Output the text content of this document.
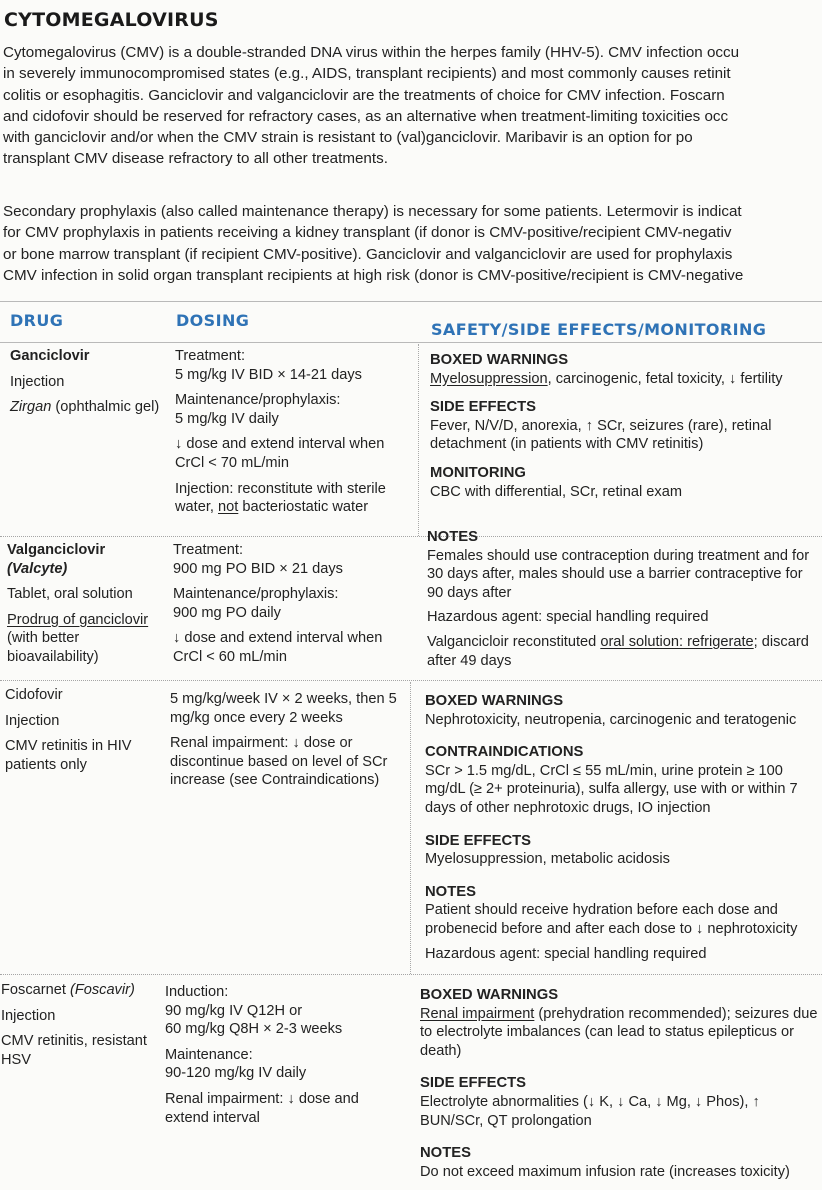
CYTOMEGALOVIRUS
Cytomegalovirus (CMV) is a double-stranded DNA virus within the herpes family (HHV-5). CMV infection occu
in severely immunocompromised states (e.g., AIDS, transplant recipients) and most commonly causes retinit
colitis or esophagitis. Ganciclovir and valganciclovir are the treatments of choice for CMV infection. Foscarn
and cidofovir should be reserved for refractory cases, as an alternative when treatment-limiting toxicities occ
with ganciclovir and/or when the CMV strain is resistant to (val)ganciclovir. Maribavir is an option for po
transplant CMV disease refractory to all other treatments.
Secondary prophylaxis (also called maintenance therapy) is necessary for some patients. Letermovir is indicat
for CMV prophylaxis in patients receiving a kidney transplant (if donor is CMV-positive/recipient CMV-negativ
or bone marrow transplant (if recipient CMV-positive). Ganciclovir and valganciclovir are used for prophylaxis
CMV infection in solid organ transplant recipients at high risk (donor is CMV-positive/recipient is CMV-negative
DRUG	DOSING	SAFETY/SIDE EFFECTS/MONITORING
Ganciclovir
Injection
Zirgan (ophthalmic gel)
Treatment:
5 mg/kg IV BID × 14-21 days
Maintenance/prophylaxis:
5 mg/kg IV daily
↓ dose and extend interval when CrCl < 70 mL/min
Injection: reconstitute with sterile water, not bacteriostatic water
BOXED WARNINGS
Myelosuppression, carcinogenic, fetal toxicity, ↓ fertility
SIDE EFFECTS
Fever, N/V/D, anorexia, ↑ SCr, seizures (rare), retinal detachment (in patients with CMV retinitis)
MONITORING
CBC with differential, SCr, retinal exam
Valganciclovir
(Valcyte)
Tablet, oral solution
Prodrug of ganciclovir (with better bioavailability)
Treatment:
900 mg PO BID × 21 days
Maintenance/prophylaxis:
900 mg PO daily
↓ dose and extend interval when CrCl < 60 mL/min
NOTES
Females should use contraception during treatment and for 30 days after, males should use a barrier contraceptive for 90 days after
Hazardous agent: special handling required
Valgancicloir reconstituted oral solution: refrigerate; discard after 49 days
Cidofovir
Injection
CMV retinitis in HIV patients only
5 mg/kg/week IV × 2 weeks, then 5 mg/kg once every 2 weeks
Renal impairment: ↓ dose or discontinue based on level of SCr increase (see Contraindications)
BOXED WARNINGS
Nephrotoxicity, neutropenia, carcinogenic and teratogenic
CONTRAINDICATIONS
SCr > 1.5 mg/dL, CrCl ≤ 55 mL/min, urine protein ≥ 100 mg/dL (≥ 2+ proteinuria), sulfa allergy, use with or within 7 days of other nephrotoxic drugs, IO injection
SIDE EFFECTS
Myelosuppression, metabolic acidosis
NOTES
Patient should receive hydration before each dose and probenecid before and after each dose to ↓ nephrotoxicity
Hazardous agent: special handling required
Foscarnet (Foscavir)
Injection
CMV retinitis, resistant HSV
Induction:
90 mg/kg IV Q12H or
60 mg/kg Q8H × 2-3 weeks
Maintenance:
90-120 mg/kg IV daily
Renal impairment: ↓ dose and extend interval
BOXED WARNINGS
Renal impairment (prehydration recommended); seizures due to electrolyte imbalances (can lead to status epilepticus or death)
SIDE EFFECTS
Electrolyte abnormalities (↓ K, ↓ Ca, ↓ Mg, ↓ Phos), ↑ BUN/SCr, QT prolongation
NOTES
Do not exceed maximum infusion rate (increases toxicity)
